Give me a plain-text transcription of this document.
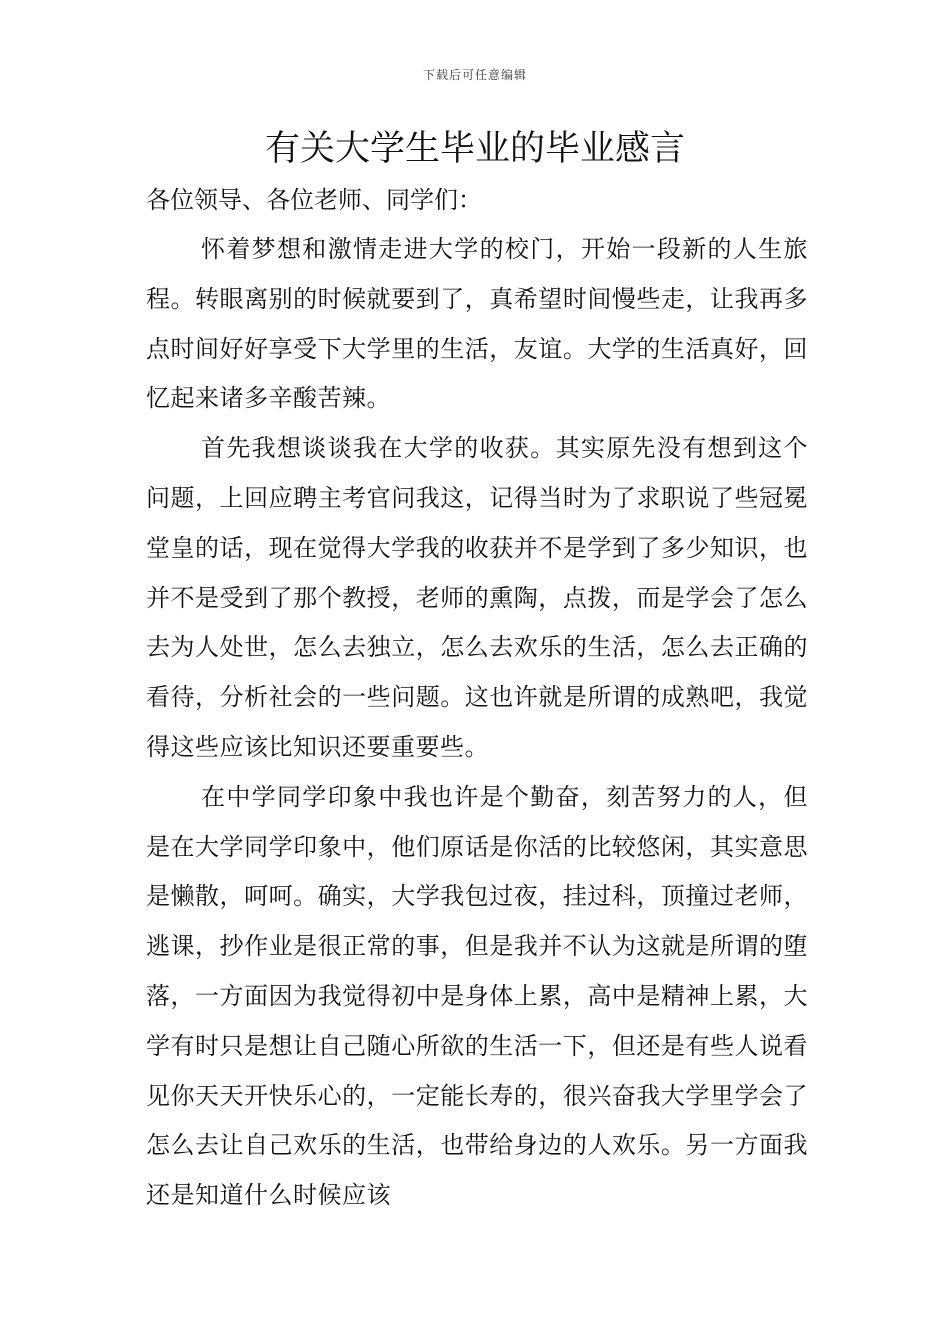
下载后可任意编辑
有关大学生毕业的毕业感言
各位领导、各位老师、同学们：

怀着梦想和激情走进大学的校门，开始一段新的人生旅程。转眼离别的时候就要到了，真希望时间慢些走，让我再多点时间好好享受下大学里的生活，友谊。大学的生活真好，回忆起来诸多辛酸苦辣。

首先我想谈谈我在大学的收获。其实原先没有想到这个问题，上回应聘主考官问我这，记得当时为了求职说了些冠冕堂皇的话，现在觉得大学我的收获并不是学到了多少知识，也并不是受到了那个教授，老师的熏陶，点拨，而是学会了怎么去为人处世，怎么去独立，怎么去欢乐的生活，怎么去正确的看待，分析社会的一些问题。这也许就是所谓的成熟吧，我觉得这些应该比知识还要重要些。

在中学同学印象中我也许是个勤奋，刻苦努力的人，但是在大学同学印象中，他们原话是你活的比较悠闲，其实意思是懒散，呵呵。确实，大学我包过夜，挂过科，顶撞过老师，逃课，抄作业是很正常的事，但是我并不认为这就是所谓的堕落，一方面因为我觉得初中是身体上累，高中是精神上累，大学有时只是想让自己随心所欲的生活一下，但还是有些人说看见你天天开快乐心的，一定能长寿的，很兴奋我大学里学会了怎么去让自己欢乐的生活，也带给身边的人欢乐。另一方面我还是知道什么时候应该
